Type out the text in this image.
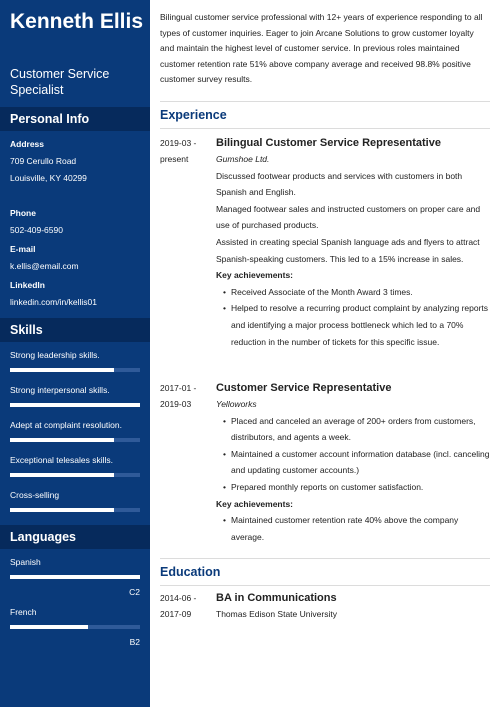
Kenneth Ellis
Customer Service Specialist
Personal Info
Address
709 Cerullo Road
Louisville, KY 40299
Phone
502-409-6590
E-mail
k.ellis@email.com
LinkedIn
linkedin.com/in/kellis01
Skills
Strong leadership skills.
Strong interpersonal skills.
Adept at complaint resolution.
Exceptional telesales skills.
Cross-selling
Languages
Spanish
C2
French
B2
Bilingual customer service professional with 12+ years of experience responding to all types of customer inquiries. Eager to join Arcane Solutions to grow customer loyalty and maintain the highest level of customer service. In previous roles maintained customer retention rate 51% above company average and received 98.8% positive customer survey results.
Experience
2019-03 -
present
Bilingual Customer Service Representative
Gumshoe Ltd.
Discussed footwear products and services with customers in both Spanish and English.
Managed footwear sales and instructed customers on proper care and use of purchased products.
Assisted in creating special Spanish language ads and flyers to attract Spanish-speaking customers. This led to a 15% increase in sales.
Key achievements:
• Received Associate of the Month Award 3 times.
• Helped to resolve a recurring product complaint by analyzing reports and identifying a major process bottleneck which led to a 70% reduction in the number of tickets for this specific issue.
2017-01 -
2019-03
Customer Service Representative
Yelloworks
• Placed and canceled an average of 200+ orders from customers, distributors, and agents a week.
• Maintained a customer account information database (incl. canceling and updating customer accounts.)
• Prepared monthly reports on customer satisfaction.
Key achievements:
• Maintained customer retention rate 40% above the company average.
Education
2014-06 -
2017-09
BA in Communications
Thomas Edison State University
